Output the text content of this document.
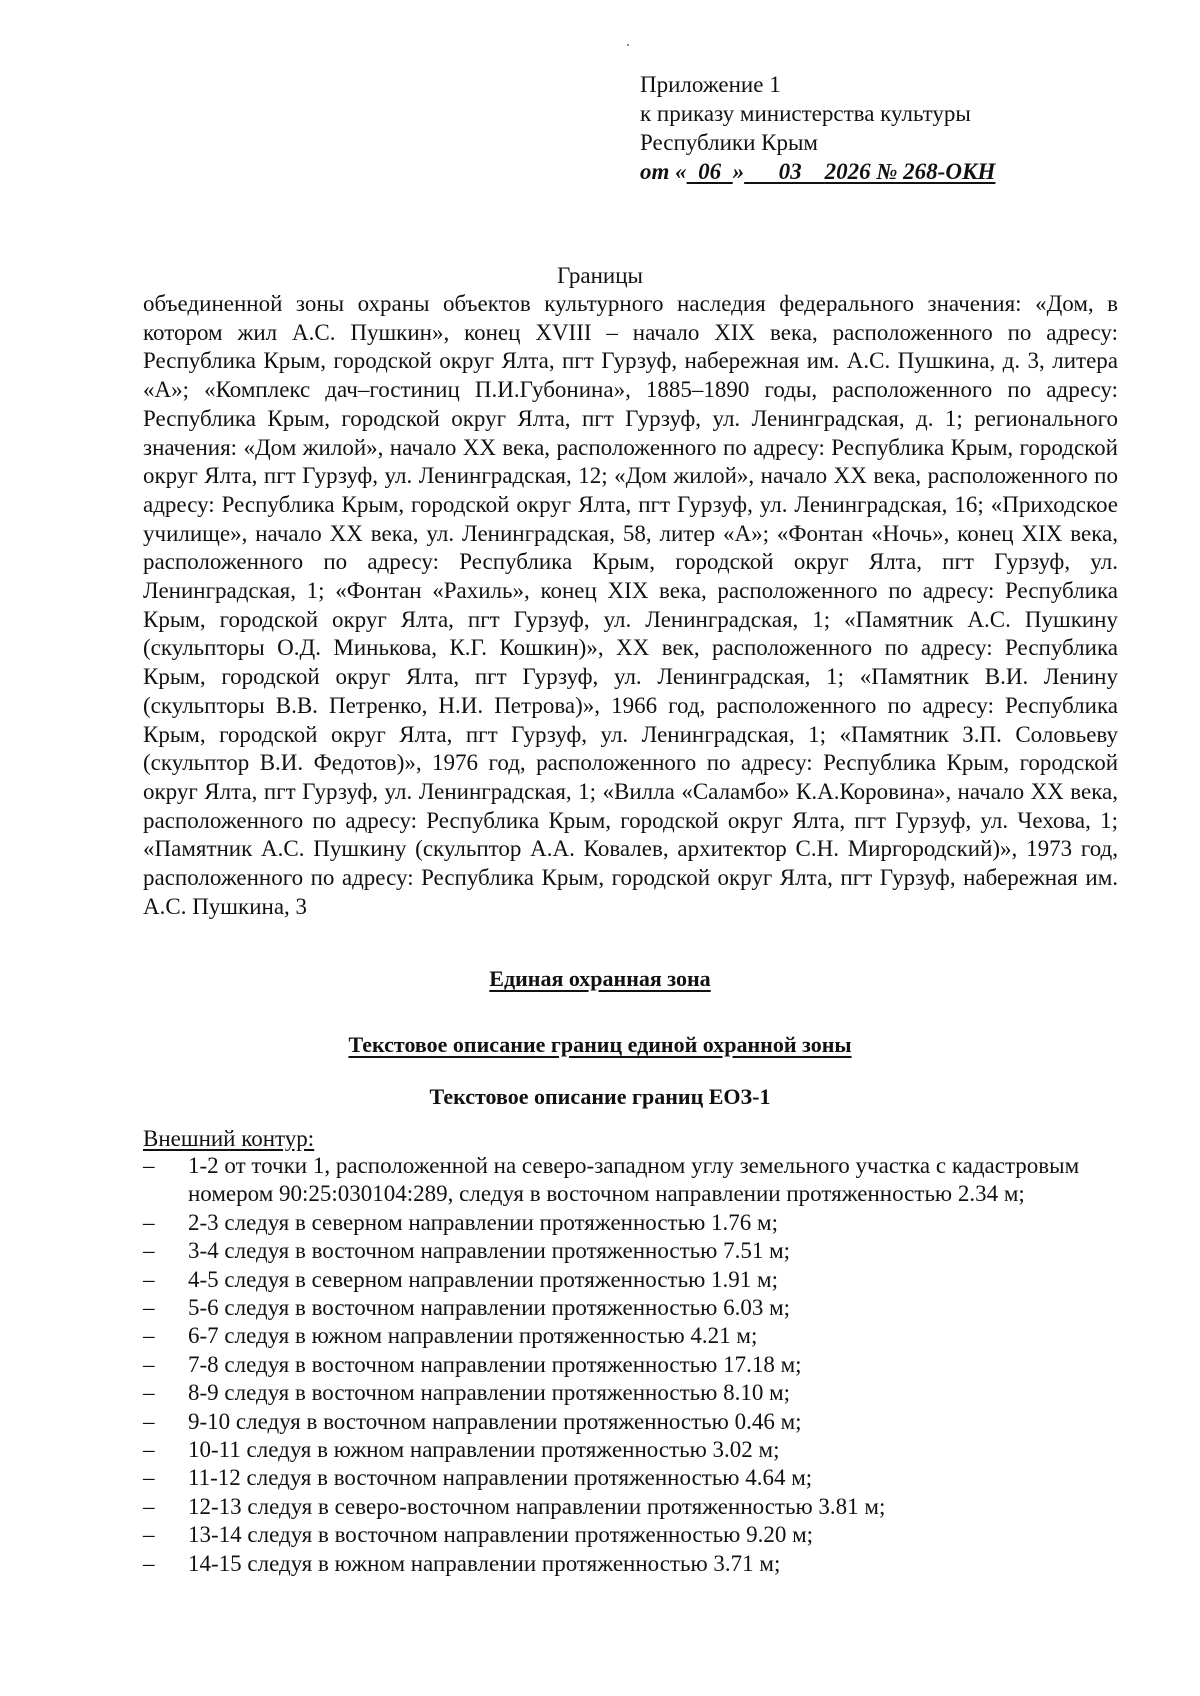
Приложение 1
к приказу министерства культуры
Республики Крым
от «  06  »      03    2026 № 268-ОКН
Границы
объединенной зоны охраны объектов культурного наследия федерального значения: «Дом, в котором жил А.С. Пушкин», конец XVIII – начало XIX века, расположенного по адресу: Республика Крым, городской округ Ялта, пгт Гурзуф, набережная им. А.С. Пушкина, д. 3, литера «А»; «Комплекс дач–гостиниц П.И.Губонина», 1885–1890 годы, расположенного по адресу: Республика Крым, городской округ Ялта, пгт Гурзуф, ул. Ленинградская, д. 1; регионального значения: «Дом жилой», начало XX века, расположенного по адресу: Республика Крым, городской округ Ялта, пгт Гурзуф, ул. Ленинградская, 12; «Дом жилой», начало XX века, расположенного по адресу: Республика Крым, городской округ Ялта, пгт Гурзуф, ул. Ленинградская, 16; «Приходское училище», начало XX века, ул. Ленинградская, 58, литер «А»; «Фонтан «Ночь», конец XIX века, расположенного по адресу: Республика Крым, городской округ Ялта, пгт Гурзуф, ул. Ленинградская, 1; «Фонтан «Рахиль», конец XIX века, расположенного по адресу: Республика Крым, городской округ Ялта, пгт Гурзуф, ул. Ленинградская, 1; «Памятник А.С. Пушкину (скульпторы О.Д. Минькова, К.Г. Кошкин)», XX век, расположенного по адресу: Республика Крым, городской округ Ялта, пгт Гурзуф, ул. Ленинградская, 1; «Памятник В.И. Ленину (скульпторы В.В. Петренко, Н.И. Петрова)», 1966 год, расположенного по адресу: Республика Крым, городской округ Ялта, пгт Гурзуф, ул. Ленинградская, 1; «Памятник З.П. Соловьеву (скульптор В.И. Федотов)», 1976 год, расположенного по адресу: Республика Крым, городской округ Ялта, пгт Гурзуф, ул. Ленинградская, 1; «Вилла «Саламбо» К.А.Коровина», начало XX века, расположенного по адресу: Республика Крым, городской округ Ялта, пгт Гурзуф, ул. Чехова, 1; «Памятник А.С. Пушкину (скульптор А.А. Ковалев, архитектор С.Н. Миргородский)», 1973 год, расположенного по адресу: Республика Крым, городской округ Ялта, пгт Гурзуф, набережная им. А.С. Пушкина, 3
Единая охранная зона
Текстовое описание границ единой охранной зоны
Текстовое описание границ ЕОЗ-1
Внешний контур:
– 1-2 от точки 1, расположенной на северо-западном углу земельного участка с кадастровым номером 90:25:030104:289, следуя в восточном направлении протяженностью 2.34 м;
– 2-3 следуя в северном направлении протяженностью 1.76 м;
– 3-4 следуя в восточном направлении протяженностью 7.51 м;
– 4-5 следуя в северном направлении протяженностью 1.91 м;
– 5-6 следуя в восточном направлении протяженностью 6.03 м;
– 6-7 следуя в южном направлении протяженностью 4.21 м;
– 7-8 следуя в восточном направлении протяженностью 17.18 м;
– 8-9 следуя в восточном направлении протяженностью 8.10 м;
– 9-10 следуя в восточном направлении протяженностью 0.46 м;
– 10-11 следуя в южном направлении протяженностью 3.02 м;
– 11-12 следуя в восточном направлении протяженностью 4.64 м;
– 12-13 следуя в северо-восточном направлении протяженностью 3.81 м;
– 13-14 следуя в восточном направлении протяженностью 9.20 м;
– 14-15 следуя в южном направлении протяженностью 3.71 м;
